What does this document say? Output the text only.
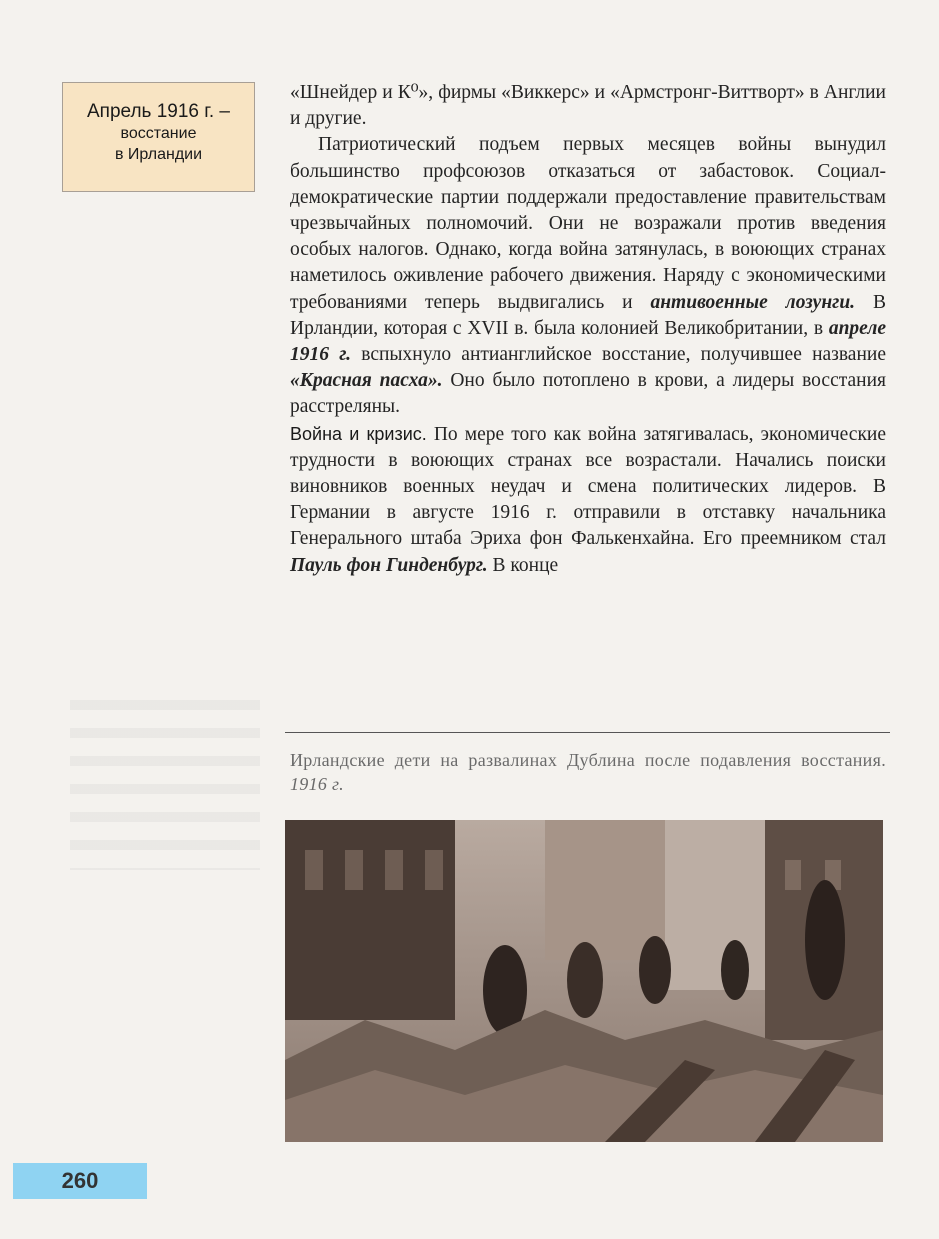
Апрель 1916 г. –
восстание
в Ирландии

«Шнейдер и К⁰», фирмы «Виккерс» и «Армстронг-Виттворт» в Англии и другие.

Патриотический подъем первых месяцев войны вынудил большинство профсоюзов отказаться от забастовок. Социал-демократические партии поддержали предоставление правительствам чрезвычайных полномочий. Они не возражали против введения особых налогов. Однако, когда война затянулась, в воюющих странах наметилось оживление рабочего движения. Наряду с экономическими требованиями теперь выдвигались и антивоенные лозунги. В Ирландии, которая с XVII в. была колонией Великобритании, в апреле 1916 г. вспыхнуло антианглийское восстание, получившее название «Красная пасха». Оно было потоплено в крови, а лидеры восстания расстреляны.

Война и кризис. По мере того как война затягивалась, экономические трудности в воюющих странах все возрастали. Начались поиски виновников военных неудач и смена политических лидеров. В Германии в августе 1916 г. отправили в отставку начальника Генерального штаба Эриха фон Фалькенхайна. Его преемником стал Пауль фон Гинденбург. В конце

Ирландские дети на развалинах Дублина после подавления восстания. 1916 г.
260
